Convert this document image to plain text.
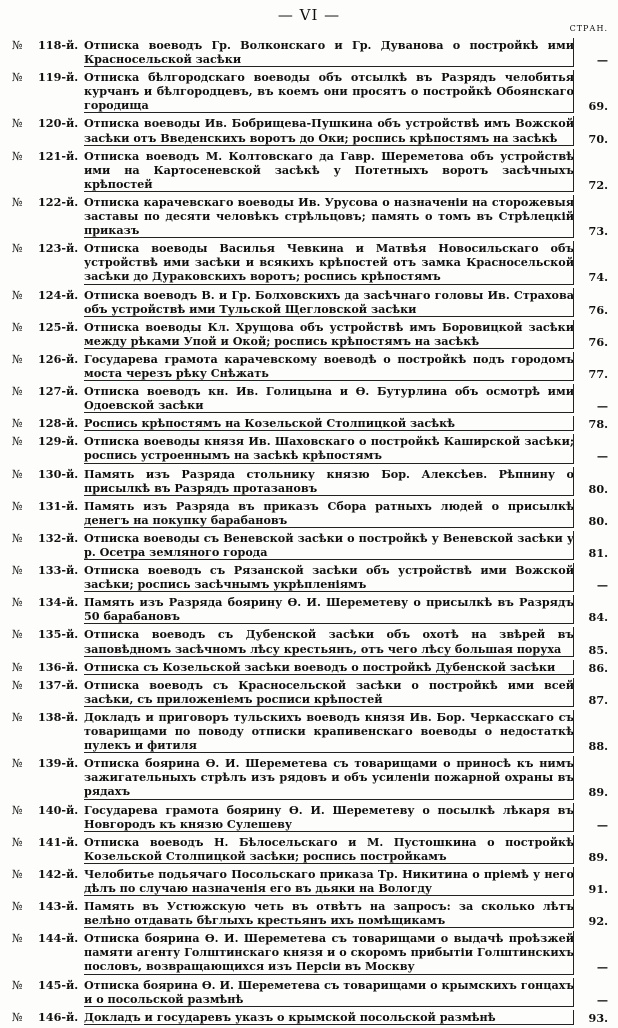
— VI —
СТРАН.
№ 118-й. Отписка воеводъ Гр. Волконскаго и Гр. Дуванова о постройкѣ ими Красносельской засѣки	—
№ 119-й. Отписка бѣлгородскаго воеводы объ отсылкѣ въ Разрядъ челобитья курчанъ и бѣлгородцевъ, въ коемъ они просятъ о постройкѣ Обоянскаго городища	69.
№ 120-й. Отписка воеводы Ив. Бобрищева-Пушкина объ устройствѣ имъ Вожской засѣки отъ Введенскихъ воротъ до Оки; роспись крѣпостямъ на засѣкѣ	70.
№ 121-й. Отписка воеводъ М. Колтовскаго да Гавр. Шереметова объ устройствѣ ими на Картосеневской засѣкѣ у Потетныхъ воротъ засѣчныхъ крѣпостей	72.
№ 122-й. Отписка карачевскаго воеводы Ив. Урусова о назначеніи на сторожевыя заставы по десяти человѣкъ стрѣльцовъ; память о томъ въ Стрѣлецкій приказъ	73.
№ 123-й. Отписка воеводы Василья Чевкина и Матвѣя Новосильскаго объ устройствѣ ими засѣки и всякихъ крѣпостей отъ замка Красносельской засѣки до Дураковскихъ воротъ; роспись крѣпостямъ	74.
№ 124-й. Отписка воеводъ В. и Гр. Болховскихъ да засѣчнаго головы Ив. Страхова объ устройствѣ ими Тульской Щегловской засѣки	76.
№ 125-й. Отписка воеводы Кл. Хрущова объ устройствѣ имъ Боровицкой засѣки между рѣками Упой и Окой; роспись крѣпостямъ на засѣкѣ	76.
№ 126-й. Государева грамота карачевскому воеводѣ о постройкѣ подъ городомъ моста черезъ рѣку Снѣжать	77.
№ 127-й. Отписка воеводъ кн. Ив. Голицына и Ѳ. Бутурлина объ осмотрѣ ими Одоевской засѣки	—
№ 128-й. Роспись крѣпостямъ на Козельской Столпицкой засѣкѣ	78.
№ 129-й. Отписка воеводы князя Ив. Шаховскаго о постройкѣ Каширской засѣки; роспись устроеннымъ на засѣкѣ крѣпостямъ	—
№ 130-й. Память изъ Разряда стольнику князю Бор. Алексѣев. Рѣпнину о присылкѣ въ Разрядъ протазановъ	80.
№ 131-й. Память изъ Разряда въ приказъ Сбора ратныхъ людей о присылкѣ денегъ на покупку барабановъ	80.
№ 132-й. Отписка воеводы съ Веневской засѣки о постройкѣ у Веневской засѣки у р. Осетра земляного города	81.
№ 133-й. Отписка воеводъ съ Рязанской засѣки объ устройствѣ ими Вожской засѣки; роспись засѣчнымъ укрѣпленіямъ	—
№ 134-й. Память изъ Разряда боярину Ѳ. И. Шереметеву о присылкѣ въ Разрядъ 50 барабановъ	84.
№ 135-й. Отписка воеводъ съ Дубенской засѣки объ охотѣ на звѣрей въ заповѣдномъ засѣчномъ лѣсу крестьянъ, отъ чего лѣсу большая поруха	85.
№ 136-й. Отписка съ Козельской засѣки воеводъ о постройкѣ Дубенской засѣки	86.
№ 137-й. Отписка воеводъ съ Красносельской засѣки о постройкѣ ими всей засѣки, съ приложеніемъ росписи крѣпостей	87.
№ 138-й. Докладъ и приговоръ тульскихъ воеводъ князя Ив. Бор. Черкасскаго съ товарищами по поводу отписки крапивенскаго воеводы о недостаткѣ пулекъ и фитиля	88.
№ 139-й. Отписка боярина Ѳ. И. Шереметева съ товарищами о приносѣ къ нимъ зажигательныхъ стрѣлъ изъ рядовъ и объ усиленіи пожарной охраны въ рядахъ	89.
№ 140-й. Государева грамота боярину Ѳ. И. Шереметеву о посылкѣ лѣкаря въ Новгородъ къ князю Сулешеву	—
№ 141-й. Отписка воеводъ Н. Бѣлосельскаго и М. Пустошкина о постройкѣ Козельской Столпицкой засѣки; роспись постройкамъ	89.
№ 142-й. Челобитье подьячаго Посольскаго приказа Тр. Никитина о пріемѣ у него дѣлъ по случаю назначенія его въ дьяки на Вологду	91.
№ 143-й. Память въ Устюжскую четь въ отвѣтъ на запросъ: за сколько лѣтъ велѣно отдавать бѣглыхъ крестьянъ ихъ помѣщикамъ	92.
№ 144-й. Отписка боярина Ѳ. И. Шереметева съ товарищами о выдачѣ проѣзжей памяти агенту Голштинскаго князя и о скоромъ прибытіи Голштинскихъ пословъ, возвращающихся изъ Персіи въ Москву	—
№ 145-й. Отписка боярина Ѳ. И. Шереметева съ товарищами о крымскихъ гонцахъ и о посольской размѣнѣ	—
№ 146-й. Докладъ и государевъ указъ о крымской посольской размѣнѣ	93.
